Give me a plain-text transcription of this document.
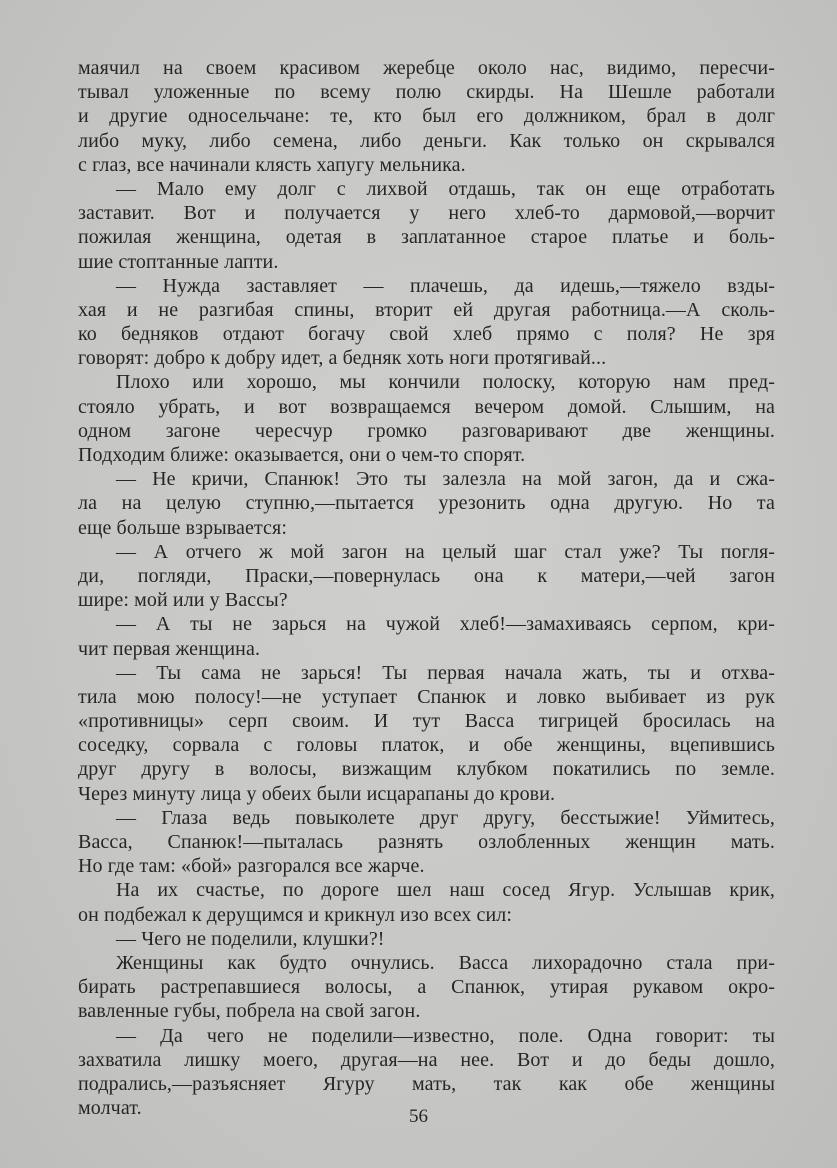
маячил на своем красивом жеребце около нас, видимо, пересчи-
тывал уложенные по всему полю скирды. На Шешле работали
и другие односельчане: те, кто был его должником, брал в долг
либо муку, либо семена, либо деньги. Как только он скрывался
с глаз, все начинали клясть хапугу мельника.
— Мало ему долг с лихвой отдашь, так он еще отработать
заставит. Вот и получается у него хлеб-то дармовой,—ворчит
пожилая женщина, одетая в заплатанное старое платье и боль-
шие стоптанные лапти.
— Нужда заставляет — плачешь, да идешь,—тяжело взды-
хая и не разгибая спины, вторит ей другая работница.—А сколь-
ко бедняков отдают богачу свой хлеб прямо с поля? Не зря
говорят: добро к добру идет, а бедняк хоть ноги протягивай...
Плохо или хорошо, мы кончили полоску, которую нам пред-
стояло убрать, и вот возвращаемся вечером домой. Слышим, на
одном загоне чересчур громко разговаривают две женщины.
Подходим ближе: оказывается, они о чем-то спорят.
— Не кричи, Спанюк! Это ты залезла на мой загон, да и сжа-
ла на целую ступню,—пытается урезонить одна другую. Но та
еще больше взрывается:
— А отчего ж мой загон на целый шаг стал уже? Ты погля-
ди, погляди, Праски,—повернулась она к матери,—чей загон
шире: мой или у Вассы?
— А ты не зарься на чужой хлеб!—замахиваясь серпом, кри-
чит первая женщина.
— Ты сама не зарься! Ты первая начала жать, ты и отхва-
тила мою полосу!—не уступает Спанюк и ловко выбивает из рук
«противницы» серп своим. И тут Васса тигрицей бросилась на
соседку, сорвала с головы платок, и обе женщины, вцепившись
друг другу в волосы, визжащим клубком покатились по земле.
Через минуту лица у обеих были исцарапаны до крови.
— Глаза ведь повыколете друг другу, бесстыжие! Уймитесь,
Васса, Спанюк!—пыталась разнять озлобленных женщин мать.
Но где там: «бой» разгорался все жарче.
На их счастье, по дороге шел наш сосед Ягур. Услышав крик,
он подбежал к дерущимся и крикнул изо всех сил:
— Чего не поделили, клушки?!
Женщины как будто очнулись. Васса лихорадочно стала при-
бирать растрепавшиеся волосы, а Спанюк, утирая рукавом окро-
вавленные губы, побрела на свой загон.
— Да чего не поделили—известно, поле. Одна говорит: ты
захватила лишку моего, другая—на нее. Вот и до беды дошло,
подрались,—разъясняет Ягуру мать, так как обе женщины
молчат.	56
